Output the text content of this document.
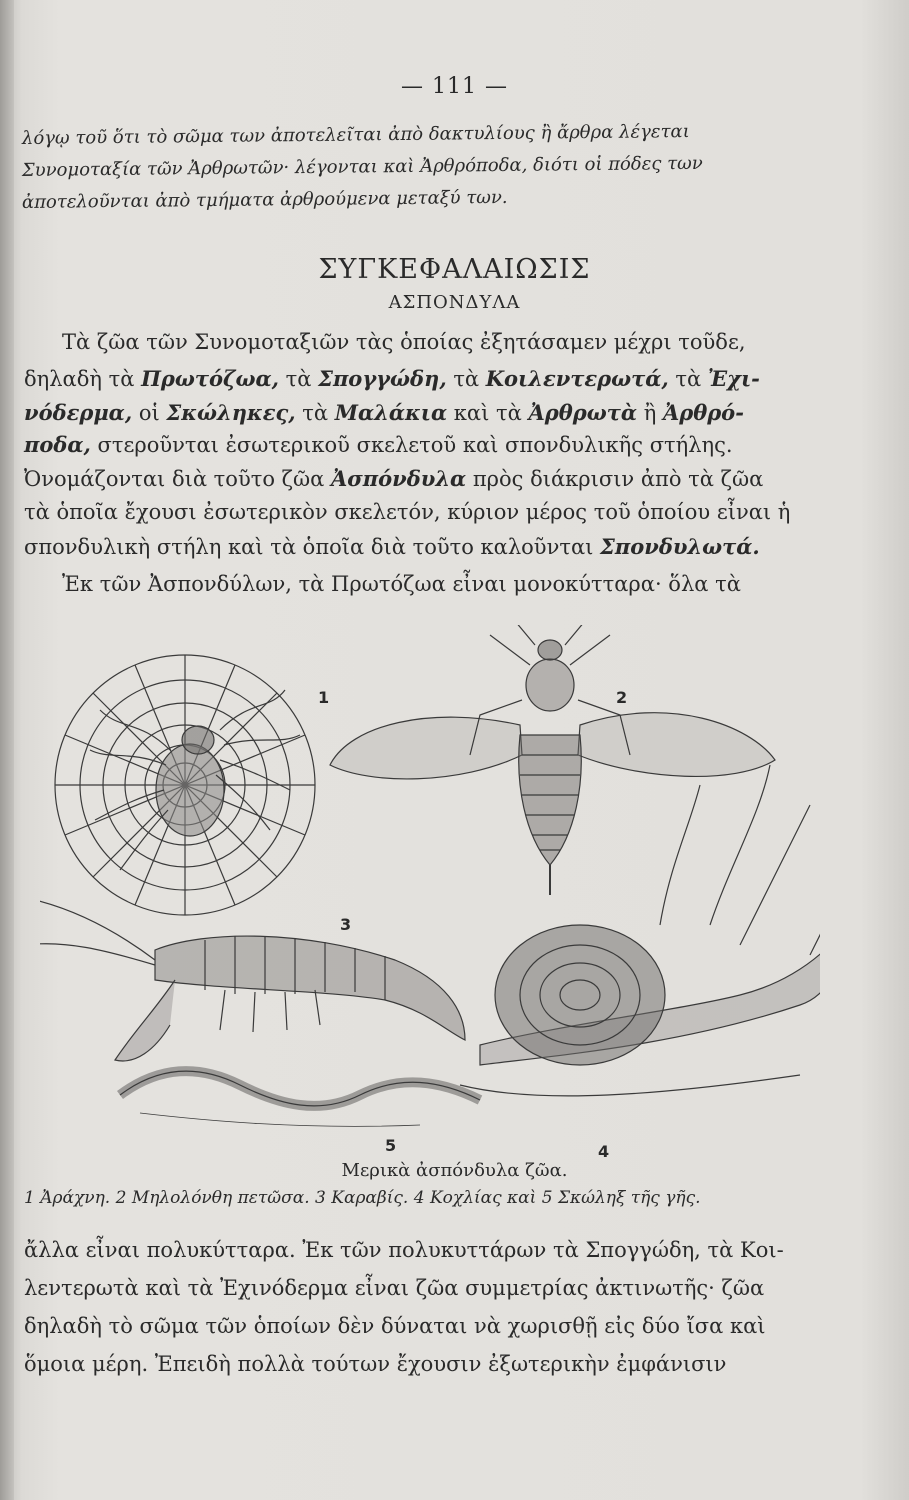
— 111 —
λόγῳ τοῦ ὅτι τὸ σῶμα των ἀποτελεῖται ἀπὸ δακτυλίους ἢ ἄρθρα λέγεται
Συνομοταξία τῶν Ἀρθρωτῶν· λέγονται καὶ Ἀρθρόποδα, διότι οἱ πόδες των
ἀποτελοῦνται ἀπὸ τμήματα ἀρθρούμενα μεταξύ των.
ΣΥΓΚΕΦΑΛΑΙΩΣΙΣ
ΑΣΠΟΝΔΥΛΑ
Τὰ ζῶα τῶν Συνομοταξιῶν τὰς ὁποίας ἐξητάσαμεν μέχρι τοῦδε,
δηλαδὴ τὰ Πρωτόζωα, τὰ Σπογγώδη, τὰ Κοιλεντερωτά, τὰ Ἐχι-
νόδερμα, οἱ Σκώληκες, τὰ Μαλάκια καὶ τὰ Ἀρθρωτὰ ἢ Ἀρθρό-
ποδα, στεροῦνται ἐσωτερικοῦ σκελετοῦ καὶ σπονδυλικῆς στήλης.
Ὀνομάζονται διὰ τοῦτο ζῶα Ἀσπόνδυλα πρὸς διάκρισιν ἀπὸ τὰ ζῶα
τὰ ὁποῖα ἔχουσι ἐσωτερικὸν σκελετόν, κύριον μέρος τοῦ ὁποίου εἶναι ἡ
σπονδυλικὴ στήλη καὶ τὰ ὁποῖα διὰ τοῦτο καλοῦνται Σπονδυλωτά.
Ἐκ τῶν Ἀσπονδύλων, τὰ Πρωτόζωα εἶναι μονοκύτταρα· ὅλα τὰ
1	2
3
4
5
Μερικὰ ἀσπόνδυλα ζῶα.
1 Ἀράχνη. 2 Μηλολόνθη πετῶσα. 3 Καραβίς. 4 Κοχλίας καὶ 5 Σκώληξ τῆς γῆς.
ἄλλα εἶναι πολυκύτταρα. Ἐκ τῶν πολυκυττάρων τὰ Σπογγώδη, τὰ Κοι-
λεντερωτὰ καὶ τὰ Ἐχινόδερμα εἶναι ζῶα συμμετρίας ἀκτινωτῆς· ζῶα
δηλαδὴ τὸ σῶμα τῶν ὁποίων δὲν δύναται νὰ χωρισθῇ εἰς δύο ἴσα καὶ
ὅμοια μέρη. Ἐπειδὴ πολλὰ τούτων ἔχουσιν ἐξωτερικὴν ἐμφάνισιν
